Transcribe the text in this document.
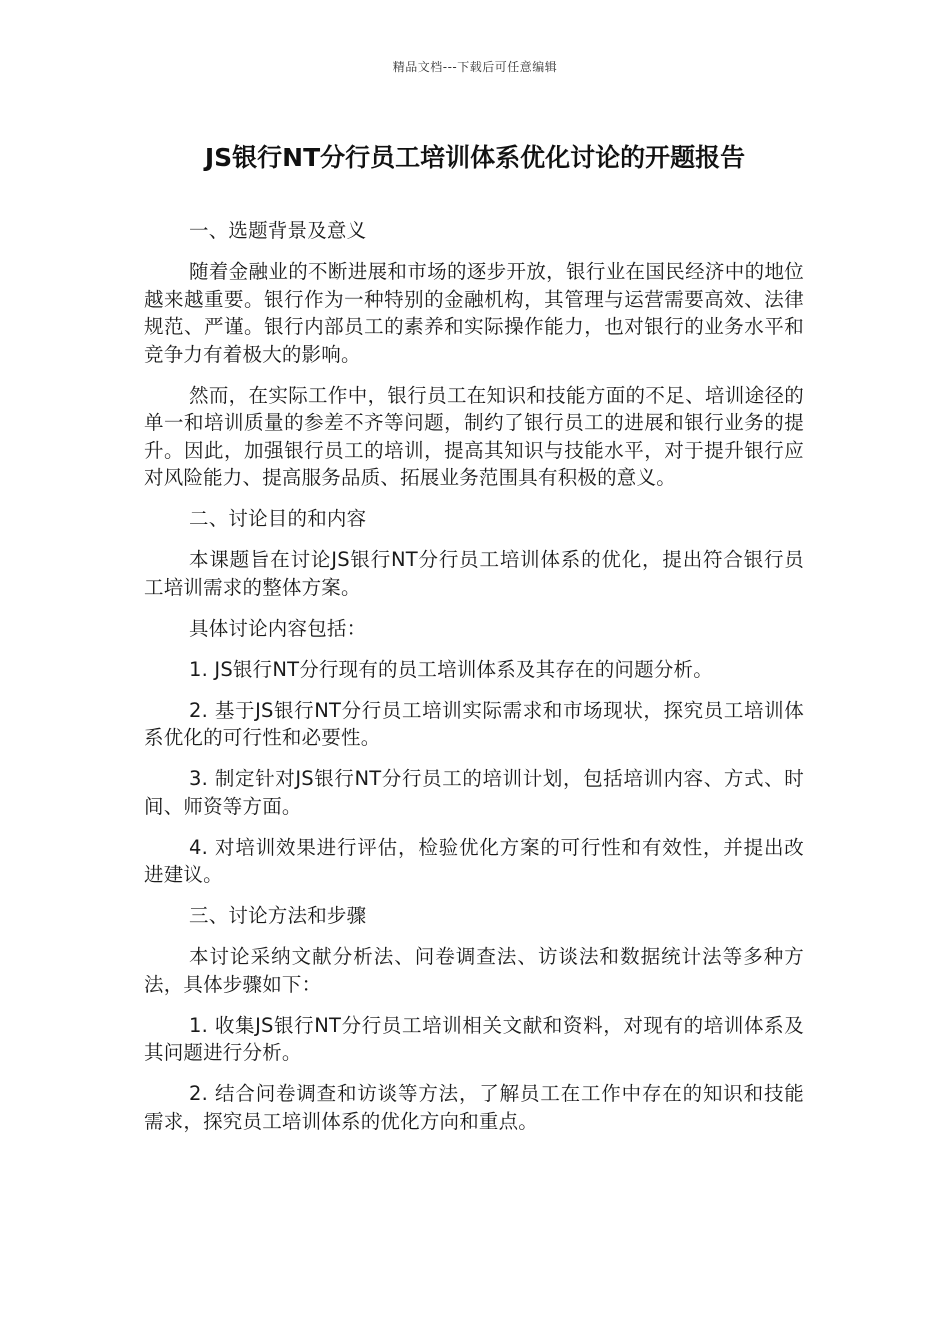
精品文档---下载后可任意编辑
JS银行NT分行员工培训体系优化讨论的开题报告

一、选题背景及意义

随着金融业的不断进展和市场的逐步开放，银行业在国民经济中的地位越来越重要。银行作为一种特别的金融机构，其管理与运营需要高效、法律规范、严谨。银行内部员工的素养和实际操作能力，也对银行的业务水平和竞争力有着极大的影响。

然而，在实际工作中，银行员工在知识和技能方面的不足、培训途径的单一和培训质量的参差不齐等问题，制约了银行员工的进展和银行业务的提升。因此，加强银行员工的培训，提高其知识与技能水平，对于提升银行应对风险能力、提高服务品质、拓展业务范围具有积极的意义。

二、讨论目的和内容

本课题旨在讨论JS银行NT分行员工培训体系的优化，提出符合银行员工培训需求的整体方案。

具体讨论内容包括：

1. JS银行NT分行现有的员工培训体系及其存在的问题分析。

2. 基于JS银行NT分行员工培训实际需求和市场现状，探究员工培训体系优化的可行性和必要性。

3. 制定针对JS银行NT分行员工的培训计划，包括培训内容、方式、时间、师资等方面。

4. 对培训效果进行评估，检验优化方案的可行性和有效性，并提出改进建议。

三、讨论方法和步骤

本讨论采纳文献分析法、问卷调查法、访谈法和数据统计法等多种方法，具体步骤如下：

1. 收集JS银行NT分行员工培训相关文献和资料，对现有的培训体系及其问题进行分析。

2. 结合问卷调查和访谈等方法，了解员工在工作中存在的知识和技能需求，探究员工培训体系的优化方向和重点。
